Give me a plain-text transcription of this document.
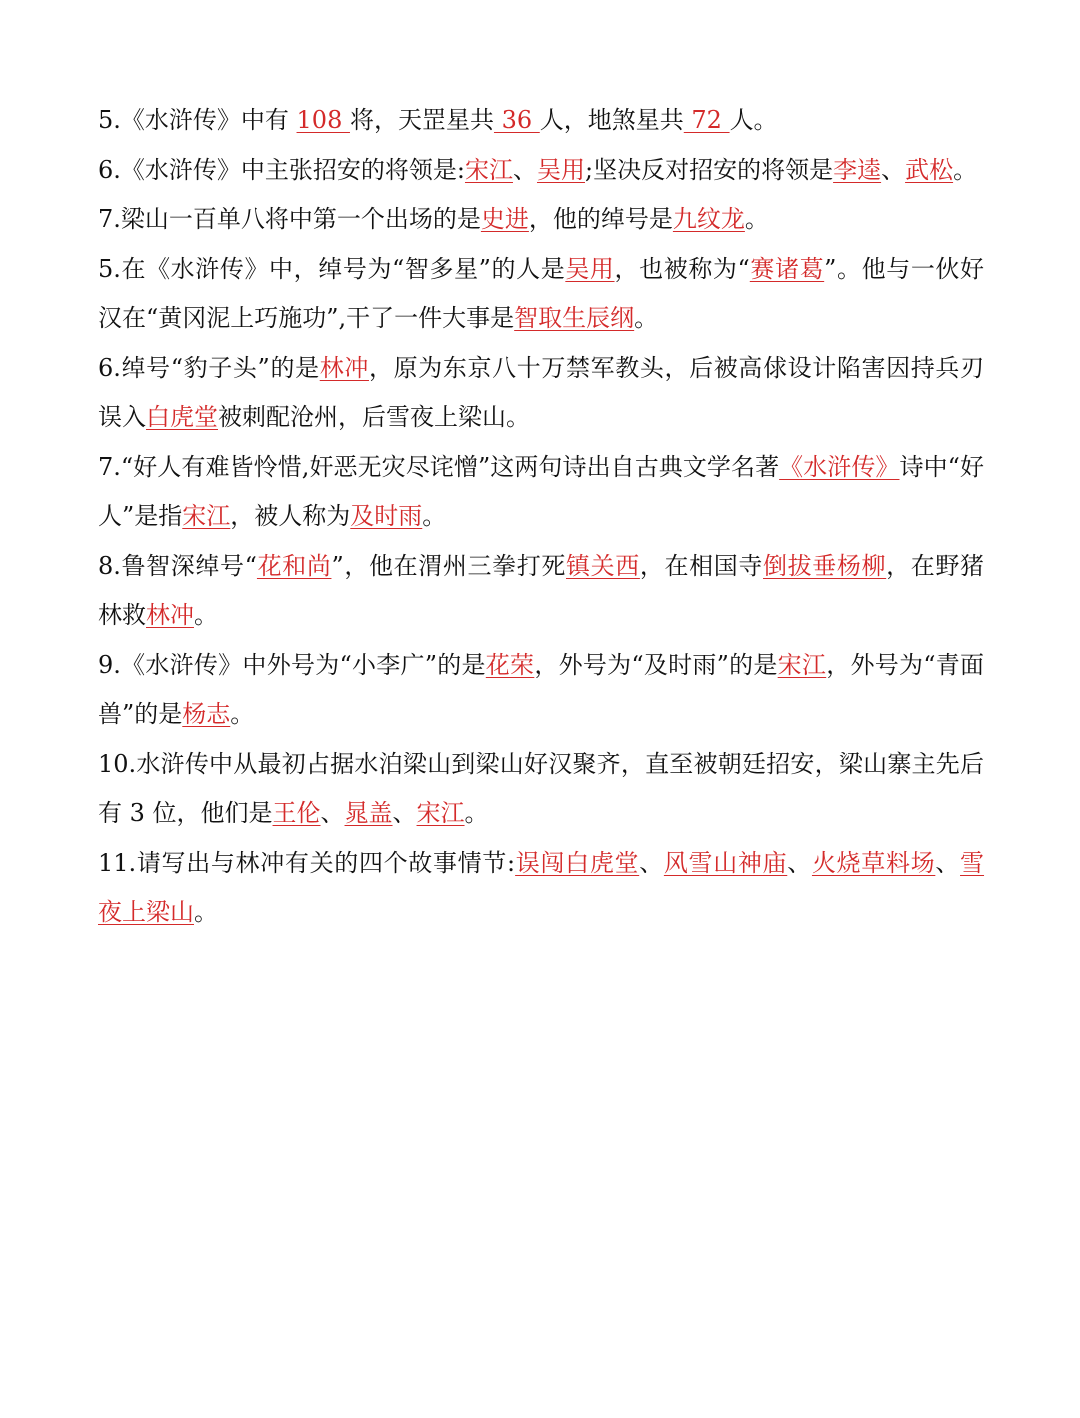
5.《水浒传》中有 108 将，天罡星共 36 人，地煞星共 72 人。

6.《水浒传》中主张招安的将领是:宋江、吴用;坚决反对招安的将领是李逵、武松。

7.梁山一百单八将中第一个出场的是史进，他的绰号是九纹龙。

5.在《水浒传》中，绰号为“智多星”的人是吴用，也被称为“赛诸葛”。他与一伙好汉在“黄冈泥上巧施功”,干了一件大事是智取生辰纲。

6.绰号“豹子头”的是林冲，原为东京八十万禁军教头，后被高俅设计陷害因持兵刃误入白虎堂被刺配沧州，后雪夜上梁山。

7.“好人有难皆怜惜,奸恶无灾尽诧憎”这两句诗出自古典文学名著《水浒传》诗中“好人”是指宋江，被人称为及时雨。

8.鲁智深绰号“花和尚”，他在渭州三拳打死镇关西，在相国寺倒拔垂杨柳，在野猪林救林冲。

9.《水浒传》中外号为“小李广”的是花荣，外号为“及时雨”的是宋江，外号为“青面兽”的是杨志。

10.水浒传中从最初占据水泊梁山到梁山好汉聚齐，直至被朝廷招安，梁山寨主先后有 3 位，他们是王伦、晁盖、宋江。

11.请写出与林冲有关的四个故事情节:误闯白虎堂、风雪山神庙、火烧草料场、雪夜上梁山。
